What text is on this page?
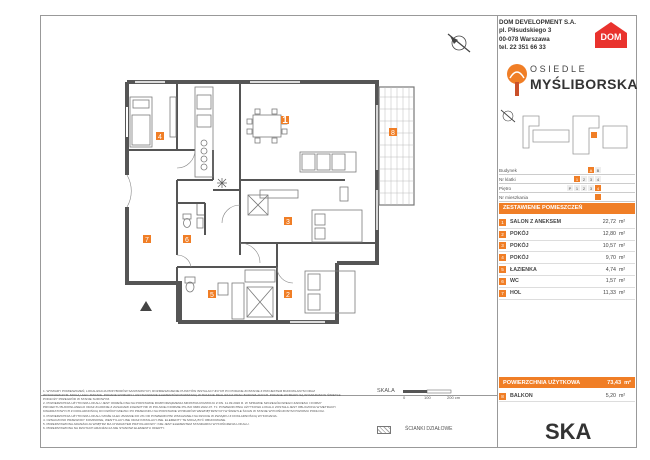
1
2
3
4
5
6
7
8
DOM DEVELOPMENT S.A.
pl. Piłsudskiego 3
00-078 Warszawa
tel. 22 351 66 33
DOM
OSIEDLE
MYŚLIBORSKA
Budynek	A	B
Nr klatki	1	2	3	4
Piętro	P	1	2	3	4
Nr mieszkania
ZESTAWIENIE POMIESZCZEŃ
1	SALON Z ANEKSEM	22,72 m²
2	POKÓJ	12,80 m²
3	POKÓJ	10,57 m²
4	POKÓJ	9,70 m²
5	ŁAZIENKA	4,74 m²
6	WC	1,57 m²
7	HOL	11,33 m²
POWIERZCHNIA UŻYTKOWA	73,43 m²
8	BALKON	5,20 m²
1. WYMIARY POMIESZCZEŃ, LOKALIZACJA PRZYBORÓW SANITARNYCH, ROZMIESZCZENIE PUNKTÓW INSTALACYJNYCH PO PODANE ZOSTANIE Z PROJEKTEM BUDOWLANYM ORAZ
WYKONAWCZYM. MOGĄ ULEC ZMIANIE. PODANE WYMIARY I USYTUOWANIE ELEMENTÓW POWSTANĄ W TRAKCIE REALIZACJI PRAC BUDOWLANYCH. PODANE WYMIARY SĄ WYMIARAMI W ŚWIETLE
PODŁOŻY PRZEGRÓD W STANIE SUROWYM.
2. POWIERZCHNIA UŻYTKOWA LOKALU JEST OKREŚLONA NA PODSTAWIE ROZPORZĄDZENIA MINISTRA ROZWOJU Z DN. 11.09.2020 R. W SPRAWIE SZCZEGÓŁOWEGO ZAKRESU I FORMY
PROJEKTU BUDOWLANEGO ORAZ ZGODNIE Z ZASADAMI ZAWARTYMI W POLSKIEJ NORMIE PN-ISO 9836:2022-07. TJ. POWIERZCHNIA UŻYTKOWA LOKALU ZOSTAŁA JEST OBLICZONA W METRACH
KWADRATOWYCH Z DOKŁADNOŚCIĄ DO DWÓCH MIEJSC PO PRZECINKU NA PODSTAWIE WYMIARÓW WEWNĘTRZNYCH W ŚWIETLE ŚCIAN W STANIE WYKOŃCZONYM POZIOMU PODŁOGI.
3. POWIERZCHNIA UŻYTKOWA LOKALU MOŻE ULEC ZMIANIE DO 2% OD POWIERZCHNI WSKAZANEJ NA RZUCIE W ZWIĄZKU Z DOKŁADNOŚCIĄ WYKONANIA.
4. OZNACZONO PRZEWODY KOMINOWE, WENTYLACYJNE ORAZ INSTALACYJNE. ELEMENTY TE MOGĄ BYĆ OBUDOWANE.
5. PRZEDSTAWIONA ARANŻACJA WNĘTRZ MA CHARAKTER PRZYKŁADOWY I NIE JEST ELEMENTEM STANDARDU WYKOŃCZENIA LOKALU.
6. PRZEDSTAWIONA NA RZUTACH ARANŻACJA NIE STANOWI ELEMENTU OFERTY.
SKALA
0	100	200 cm
ŚCIANKI DZIAŁOWE	SKA
